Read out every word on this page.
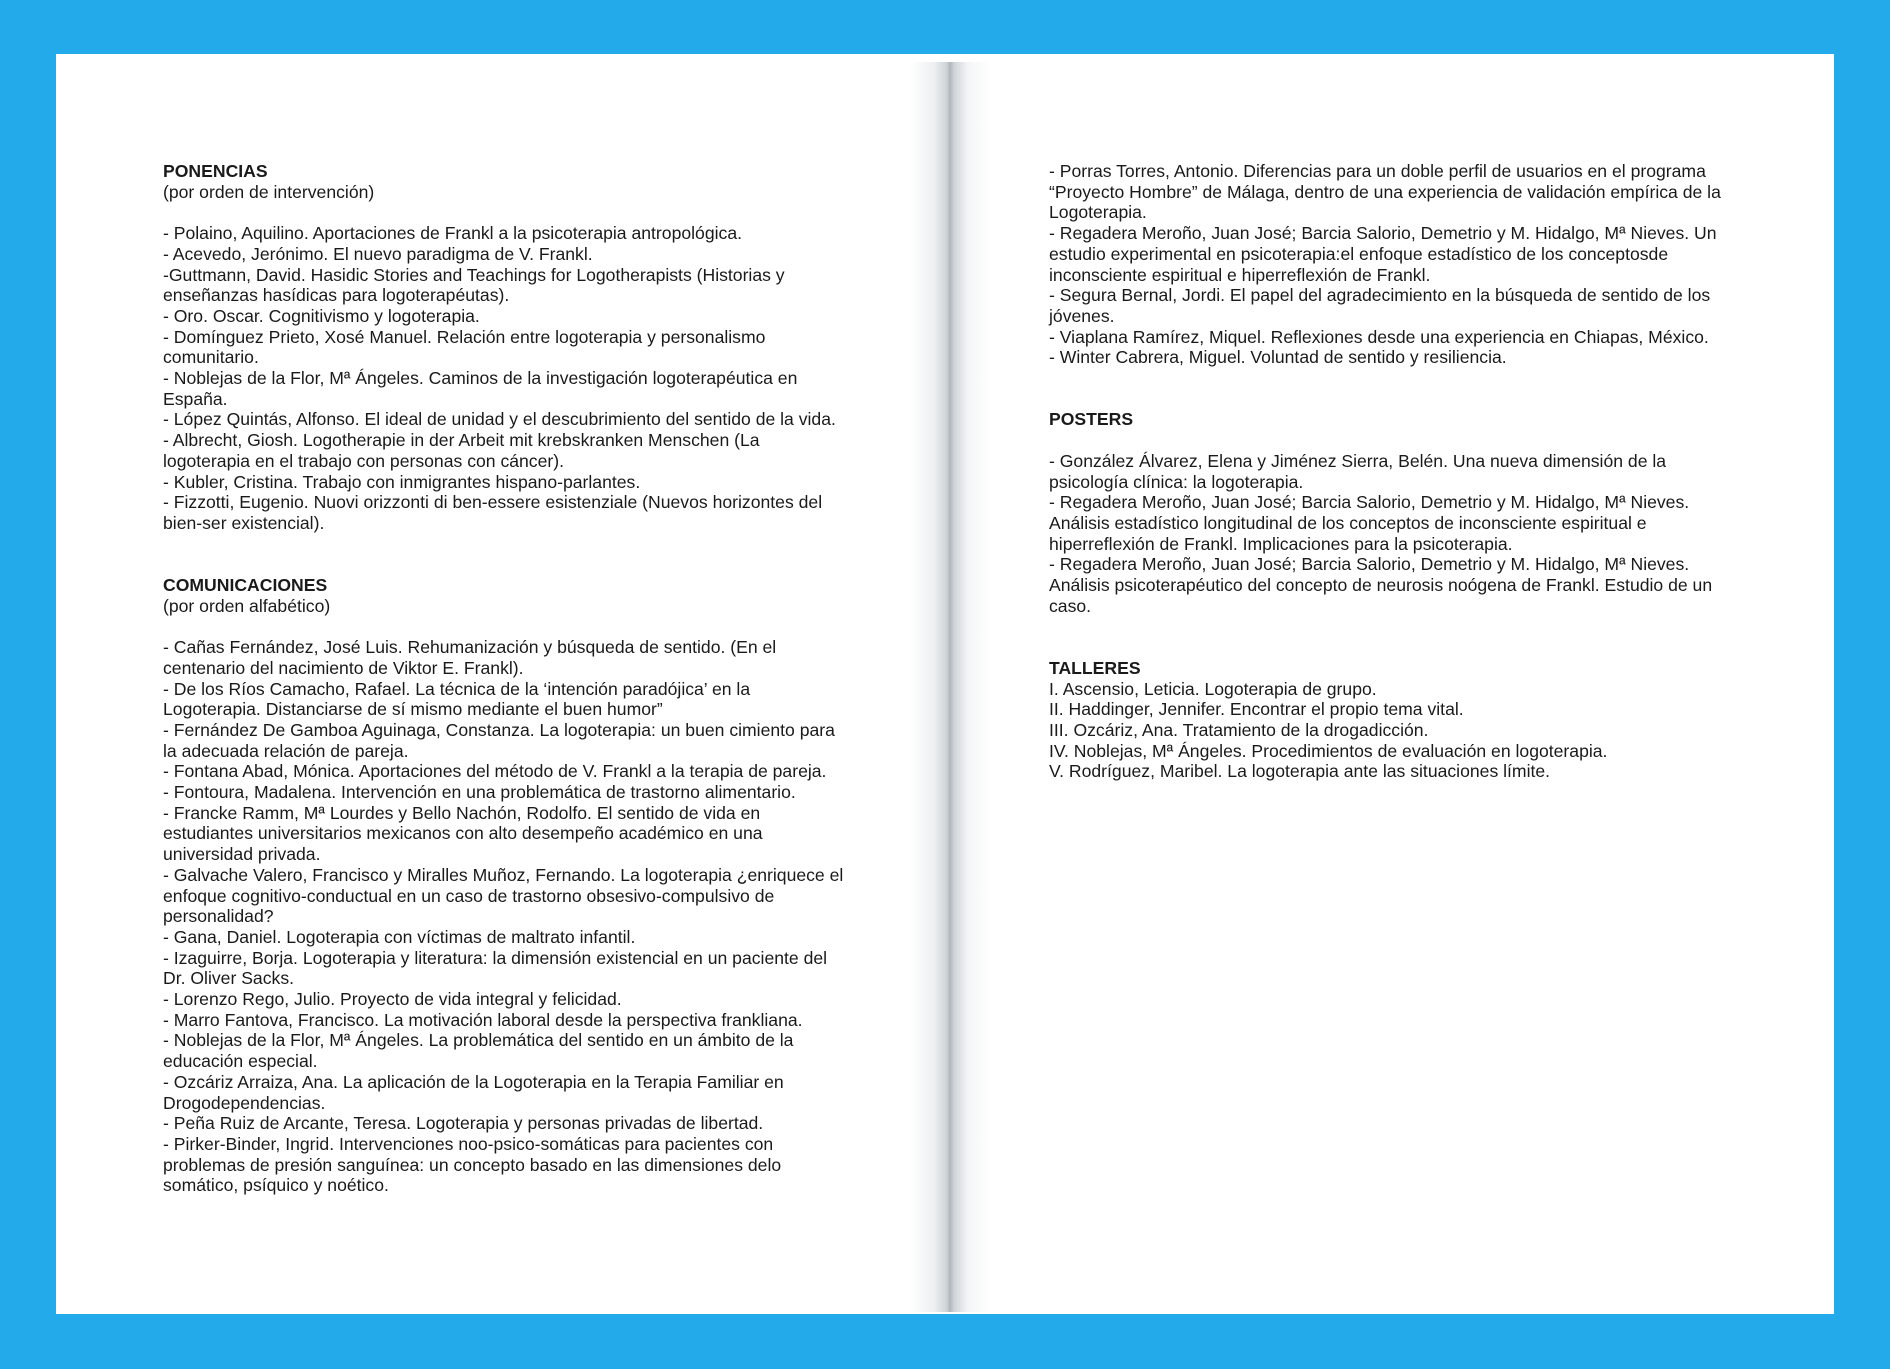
PONENCIAS
(por orden de intervención)
- Polaino, Aquilino. Aportaciones de Frankl a la psicoterapia antropológica.
- Acevedo, Jerónimo. El nuevo paradigma de V. Frankl.
-Guttmann, David. Hasidic Stories and Teachings for Logotherapists (Historias y
enseñanzas hasídicas para logoterapéutas).
- Oro. Oscar. Cognitivismo y logoterapia.
- Domínguez Prieto, Xosé Manuel. Relación entre logoterapia y personalismo
comunitario.
- Noblejas de la Flor, Mª Ángeles. Caminos de la investigación logoterapéutica en
España.
- López Quintás, Alfonso. El ideal de unidad y el descubrimiento del sentido de la vida.
- Albrecht, Giosh. Logotherapie in der Arbeit mit krebskranken Menschen (La
logoterapia en el trabajo con personas con cáncer).
- Kubler, Cristina. Trabajo con inmigrantes hispano-parlantes.
- Fizzotti, Eugenio. Nuovi orizzonti di ben-essere esistenziale (Nuevos horizontes del
bien-ser existencial).
COMUNICACIONES
(por orden alfabético)
- Cañas Fernández, José Luis. Rehumanización y búsqueda de sentido. (En el
centenario del nacimiento de Viktor E. Frankl).
- De los Ríos Camacho, Rafael. La técnica de la ‘intención paradójica’ en la
Logoterapia. Distanciarse de sí mismo mediante el buen humor”
- Fernández De Gamboa Aguinaga, Constanza. La logoterapia: un buen cimiento para
la adecuada relación de pareja.
- Fontana Abad, Mónica. Aportaciones del método de V. Frankl a la terapia de pareja.
- Fontoura, Madalena. Intervención en una problemática de trastorno alimentario.
- Francke Ramm, Mª Lourdes y Bello Nachón, Rodolfo. El sentido de vida en
estudiantes universitarios mexicanos con alto desempeño académico en una
universidad privada.
- Galvache Valero, Francisco y Miralles Muñoz, Fernando. La logoterapia ¿enriquece el
enfoque cognitivo-conductual en un caso de trastorno obsesivo-compulsivo de
personalidad?
- Gana, Daniel. Logoterapia con víctimas de maltrato infantil.
- Izaguirre, Borja. Logoterapia y literatura: la dimensión existencial en un paciente del
Dr. Oliver Sacks.
- Lorenzo Rego, Julio. Proyecto de vida integral y felicidad.
- Marro Fantova, Francisco. La motivación laboral desde la perspectiva frankliana.
- Noblejas de la Flor, Mª Ángeles. La problemática del sentido en un ámbito de la
educación especial.
- Ozcáriz Arraiza, Ana. La aplicación de la Logoterapia en la Terapia Familiar en
Drogodependencias.
- Peña Ruiz de Arcante, Teresa. Logoterapia y personas privadas de libertad.
- Pirker-Binder, Ingrid. Intervenciones noo-psico-somáticas para pacientes con
problemas de presión sanguínea: un concepto basado en las dimensiones delo
somático, psíquico y noético.
- Porras Torres, Antonio. Diferencias para un doble perfil de usuarios en el programa
“Proyecto Hombre” de Málaga, dentro de una experiencia de validación empírica de la
Logoterapia.
- Regadera Meroño, Juan José; Barcia Salorio, Demetrio y M. Hidalgo, Mª Nieves. Un
estudio experimental en psicoterapia:el enfoque estadístico de los conceptosde
inconsciente espiritual e hiperreflexión de Frankl.
- Segura Bernal, Jordi. El papel del agradecimiento en la búsqueda de sentido de los
jóvenes.
- Viaplana Ramírez, Miquel. Reflexiones desde una experiencia en Chiapas, México.
- Winter Cabrera, Miguel. Voluntad de sentido y resiliencia.
POSTERS
- González Álvarez, Elena y Jiménez Sierra, Belén. Una nueva dimensión de la
psicología clínica: la logoterapia.
- Regadera Meroño, Juan José; Barcia Salorio, Demetrio y M. Hidalgo, Mª Nieves.
Análisis estadístico longitudinal de los conceptos de inconsciente espiritual e
hiperreflexión de Frankl. Implicaciones para la psicoterapia.
- Regadera Meroño, Juan José; Barcia Salorio, Demetrio y M. Hidalgo, Mª Nieves.
Análisis psicoterapéutico del concepto de neurosis noógena de Frankl. Estudio de un
caso.
TALLERES
I. Ascensio, Leticia. Logoterapia de grupo.
II. Haddinger, Jennifer. Encontrar el propio tema vital.
III. Ozcáriz, Ana. Tratamiento de la drogadicción.
IV. Noblejas, Mª Ángeles. Procedimientos de evaluación en logoterapia.
V. Rodríguez, Maribel. La logoterapia ante las situaciones límite.
